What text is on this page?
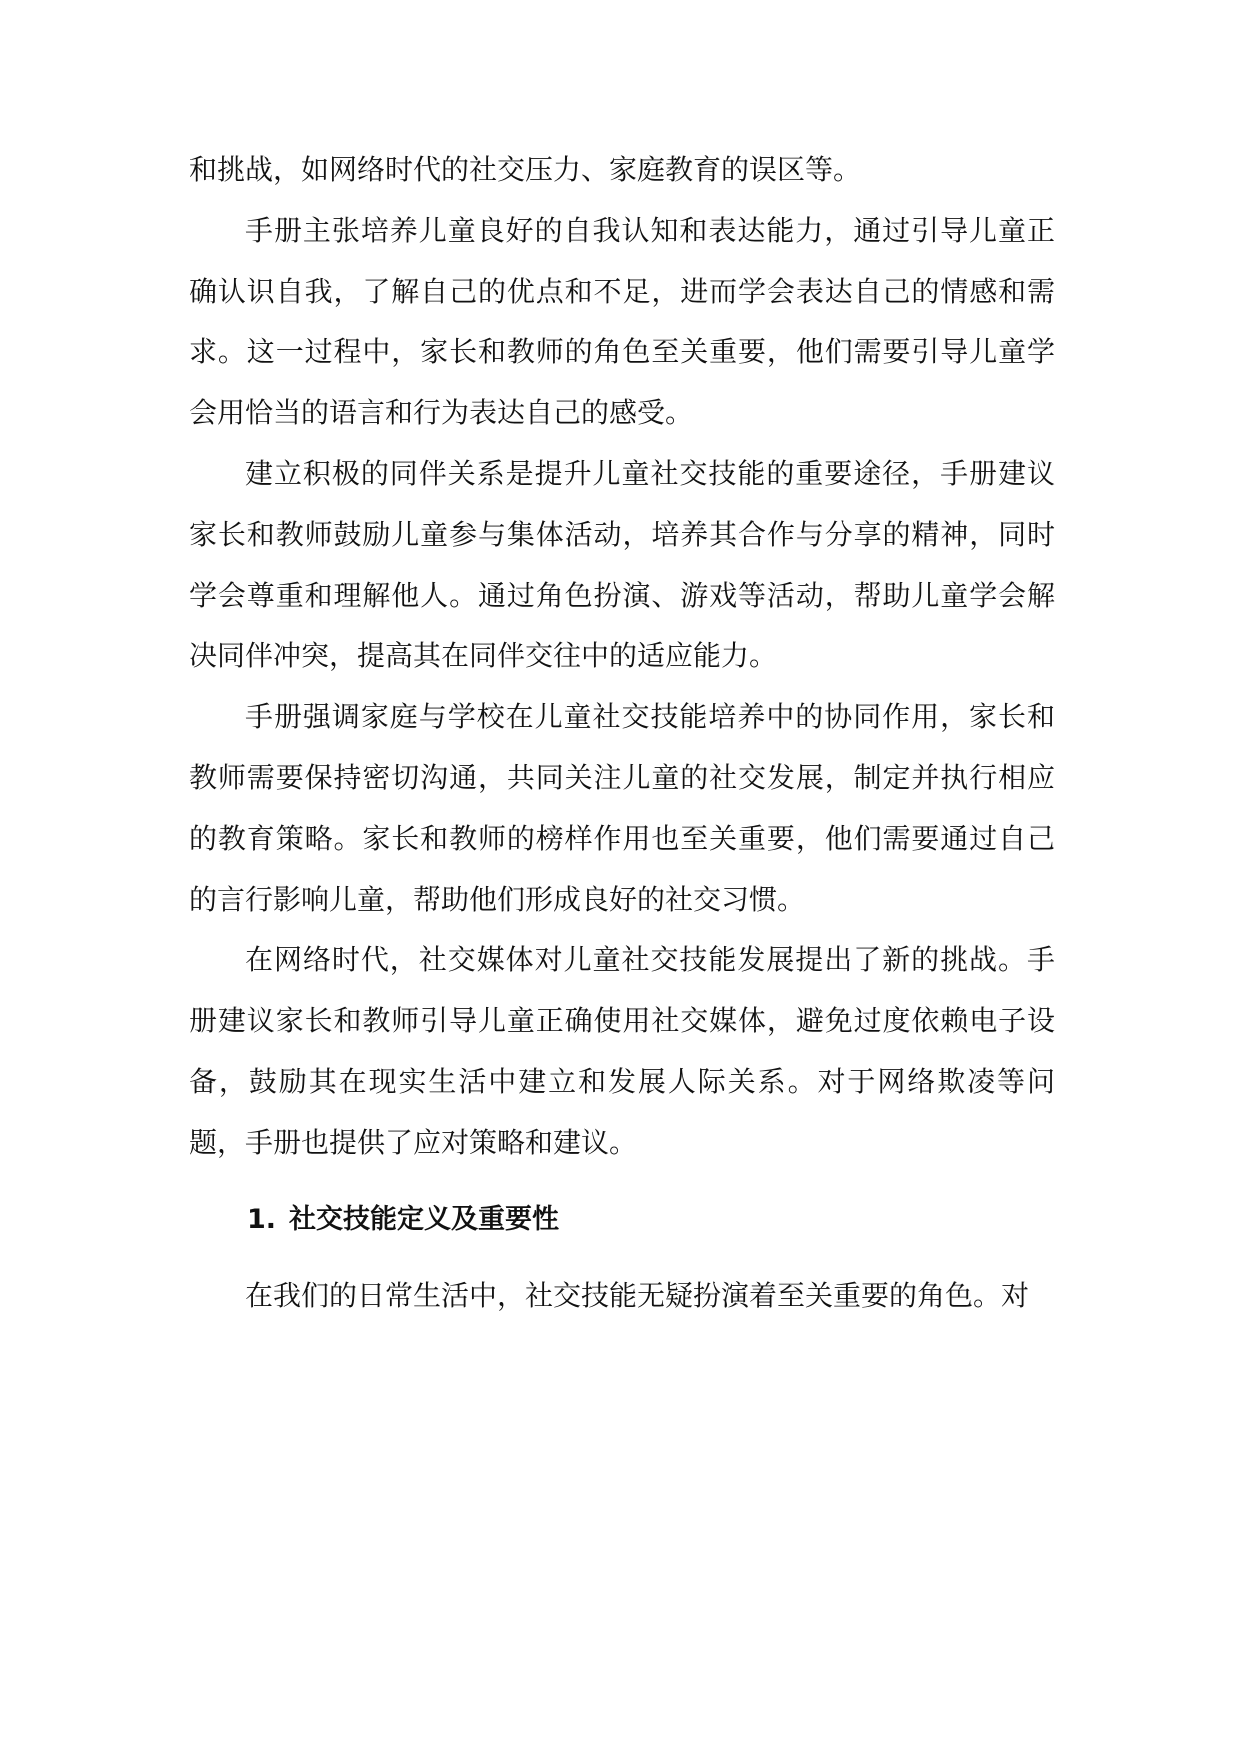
和挑战，如网络时代的社交压力、家庭教育的误区等。

手册主张培养儿童良好的自我认知和表达能力，通过引导儿童正确认识自我，了解自己的优点和不足，进而学会表达自己的情感和需求。这一过程中，家长和教师的角色至关重要，他们需要引导儿童学会用恰当的语言和行为表达自己的感受。

建立积极的同伴关系是提升儿童社交技能的重要途径，手册建议家长和教师鼓励儿童参与集体活动，培养其合作与分享的精神，同时学会尊重和理解他人。通过角色扮演、游戏等活动，帮助儿童学会解决同伴冲突，提高其在同伴交往中的适应能力。

手册强调家庭与学校在儿童社交技能培养中的协同作用，家长和教师需要保持密切沟通，共同关注儿童的社交发展，制定并执行相应的教育策略。家长和教师的榜样作用也至关重要，他们需要通过自己的言行影响儿童，帮助他们形成良好的社交习惯。

在网络时代，社交媒体对儿童社交技能发展提出了新的挑战。手册建议家长和教师引导儿童正确使用社交媒体，避免过度依赖电子设备，鼓励其在现实生活中建立和发展人际关系。对于网络欺凌等问题，手册也提供了应对策略和建议。

1. 社交技能定义及重要性

在我们的日常生活中，社交技能无疑扮演着至关重要的角色。对
